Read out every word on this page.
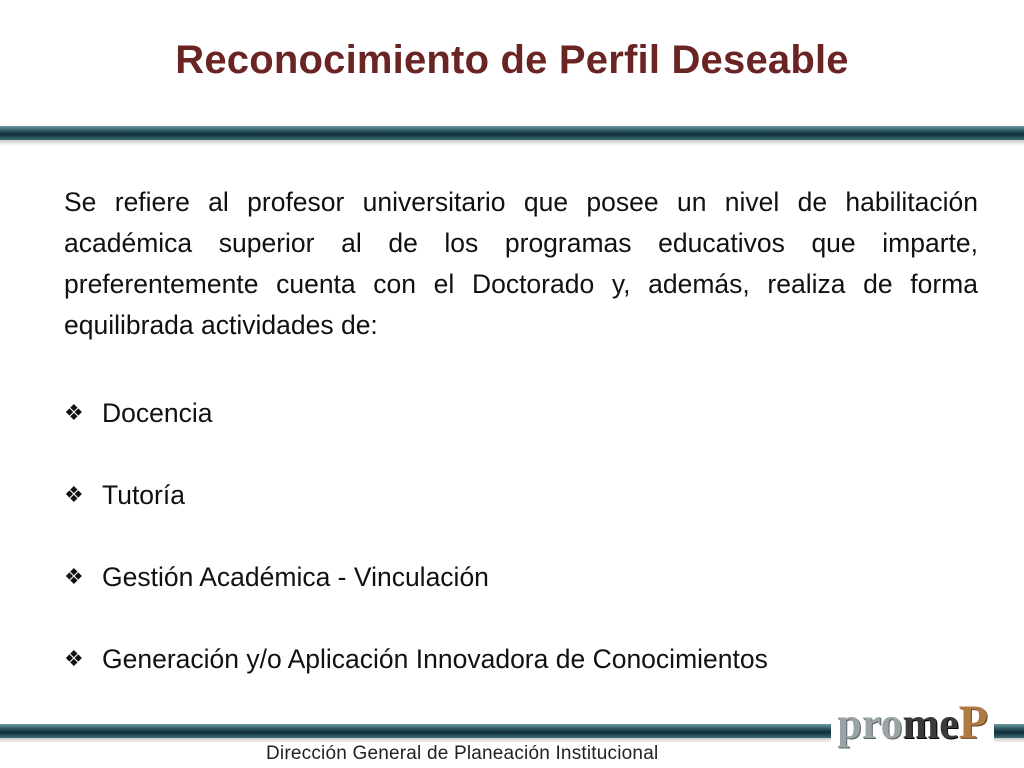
Reconocimiento de Perfil Deseable

Se refiere al profesor universitario que posee un nivel de habilitación académica superior al de los programas educativos que imparte, preferentemente cuenta con el Doctorado y, además, realiza de forma equilibrada actividades de:

❖ Docencia
❖ Tutoría
❖ Gestión Académica - Vinculación
❖ Generación y/o Aplicación Innovadora de Conocimientos
Dirección General de Planeación Institucional
promeP
